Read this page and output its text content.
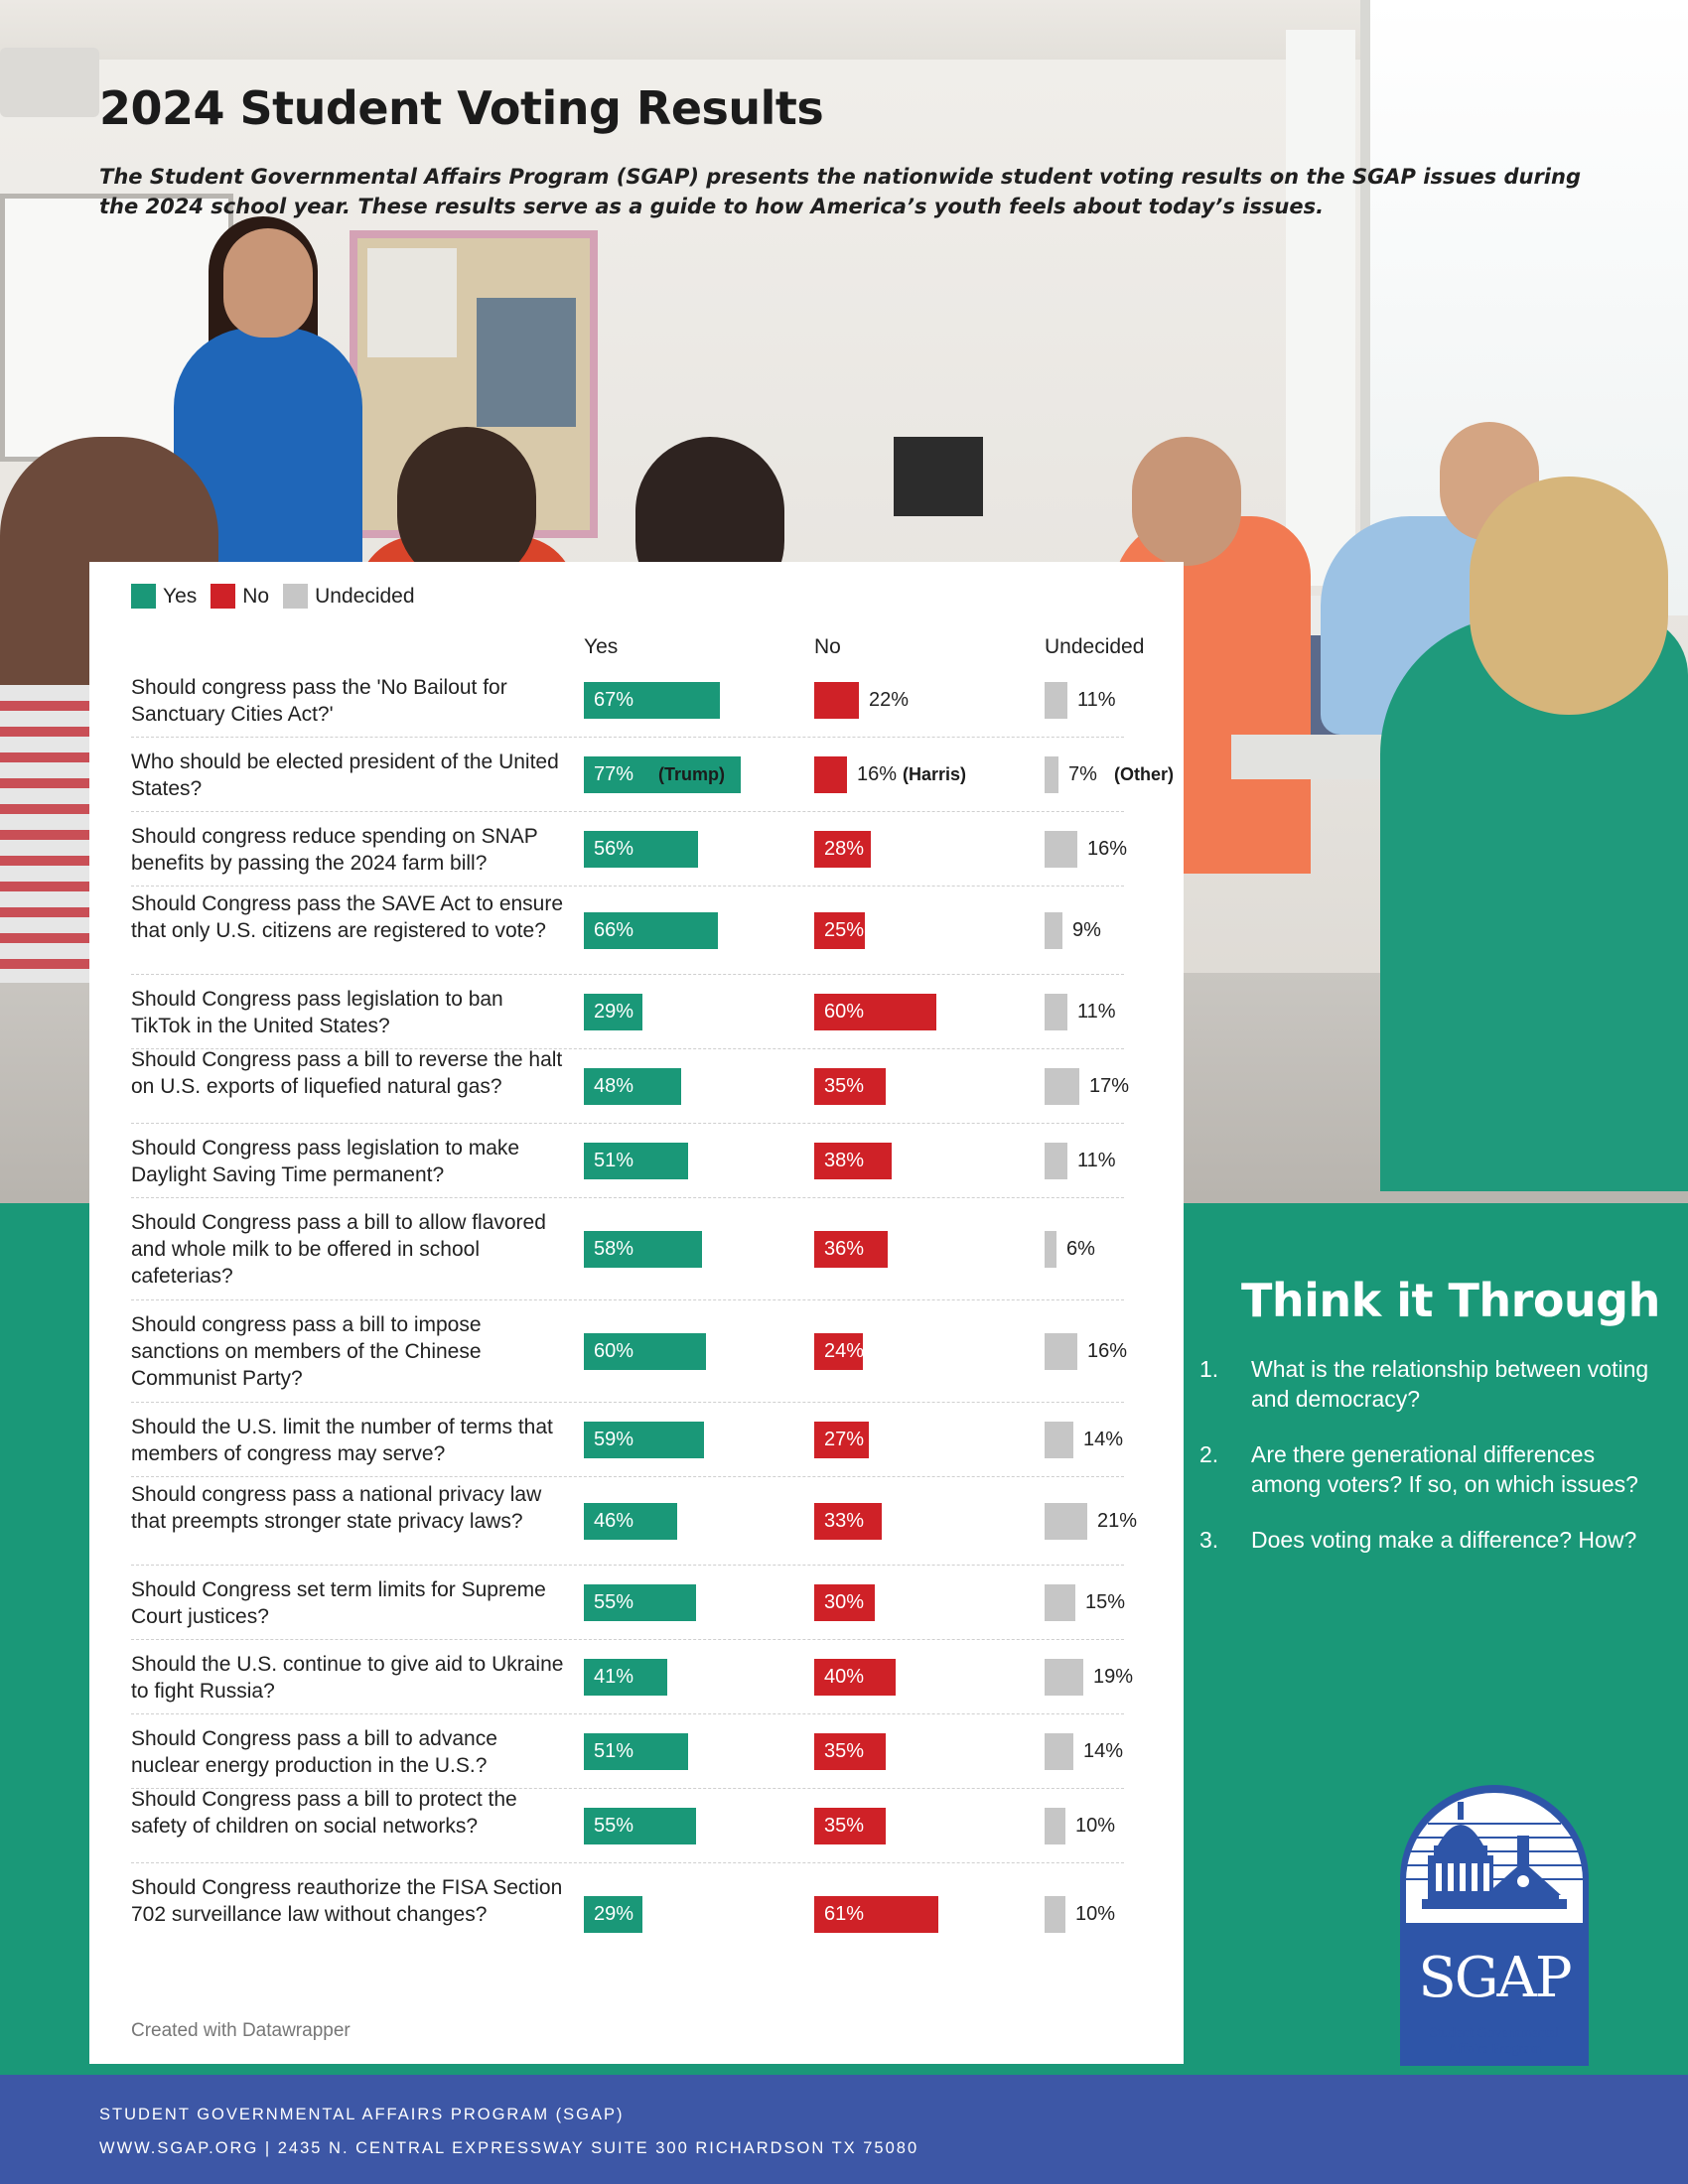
2024 Student Voting Results

The Student Governmental Affairs Program (SGAP) presents the nationwide student voting results on the SGAP issues during the 2024 school year. These results serve as a guide to how America’s youth feels about today’s issues.

Yes No Undecided
Yes	No	Undecided
Should congress pass the 'No Bailout for Sanctuary Cities Act?'
67%	22%	11%
Who should be elected president of the United States?
77% (Trump)	16% (Harris)	7% (Other)
Should congress reduce spending on SNAP benefits by passing the 2024 farm bill?
56%	28%	16%
Should Congress pass the SAVE Act to ensure that only U.S. citizens are registered to vote?	66%	25%	9%
Should Congress pass legislation to ban TikTok in the United States?
29%	60%	11%
Should Congress pass a bill to reverse the halt on U.S. exports of liquefied natural gas?	48%	35%	17%
Should Congress pass legislation to make Daylight Saving Time permanent?
51%	38%	11%
Should Congress pass a bill to allow flavored and whole milk to be offered in school cafeterias?
58%	36%	6%
Should congress pass a bill to impose sanctions on members of the Chinese Communist Party?
60%	24%	16%
Should the U.S. limit the number of terms that members of congress may serve?
59%	27%	14%
Should congress pass a national privacy law that preempts stronger state privacy laws?	46%	33%	21%
Should Congress set term limits for Supreme Court justices?
55%	30%	15%
Should the U.S. continue to give aid to Ukraine to fight Russia?
41%	40%	19%
Should Congress pass a bill to advance nuclear energy production in the U.S.?
51%	35%	14%
Should Congress pass a bill to protect the safety of children on social networks?	55%	35%	10%
Should Congress reauthorize the FISA Section 702 surveillance law without changes?	29%	61%	10%
Created with Datawrapper
Think it Through
1. What is the relationship between voting and democracy?
2. Are there generational differences among voters? If so, on which issues?
3. Does voting make a difference? How?
SGAP
Student Governmental
Affairs Program
STUDENT GOVERNMENTAL AFFAIRS PROGRAM (SGAP)
WWW.SGAP.ORG | 2435 N. CENTRAL EXPRESSWAY SUITE 300 RICHARDSON TX 75080
